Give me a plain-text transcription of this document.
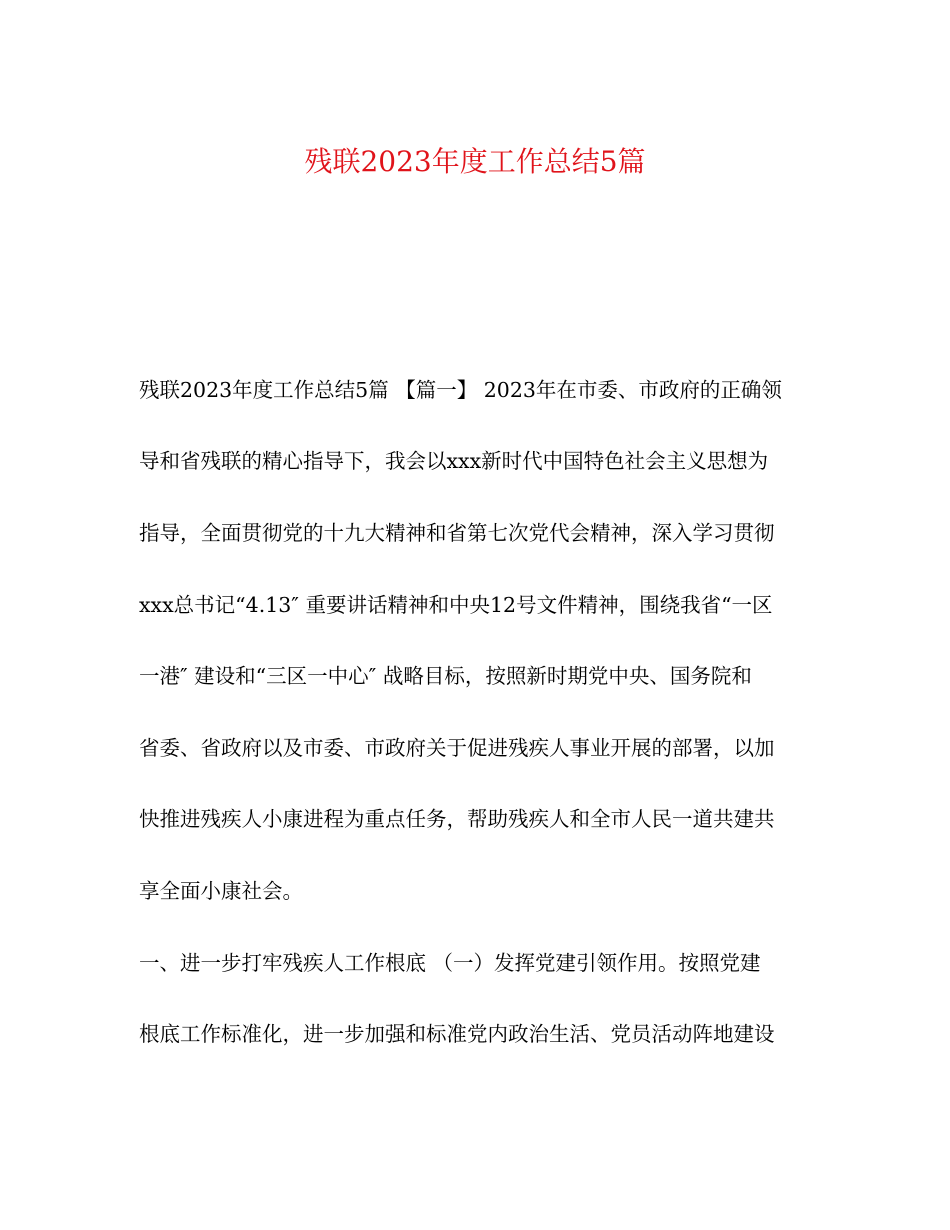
残联2023年度工作总结5篇
残联2023年度工作总结5篇 【篇一】 2023年在市委、市政府的正确领
导和省残联的精心指导下，我会以xxx新时代中国特色社会主义思想为
指导，全面贯彻党的十九大精神和省第七次党代会精神，深入学习贯彻
xxx总书记“4.13″ 重要讲话精神和中央12号文件精神，围绕我省“一区
一港″ 建设和“三区一中心″ 战略目标，按照新时期党中央、国务院和
省委、省政府以及市委、市政府关于促进残疾人事业开展的部署，以加
快推进残疾人小康进程为重点任务，帮助残疾人和全市人民一道共建共
享全面小康社会。
一、进一步打牢残疾人工作根底 （一）发挥党建引领作用。按照党建
根底工作标准化，进一步加强和标准党内政治生活、党员活动阵地建设
